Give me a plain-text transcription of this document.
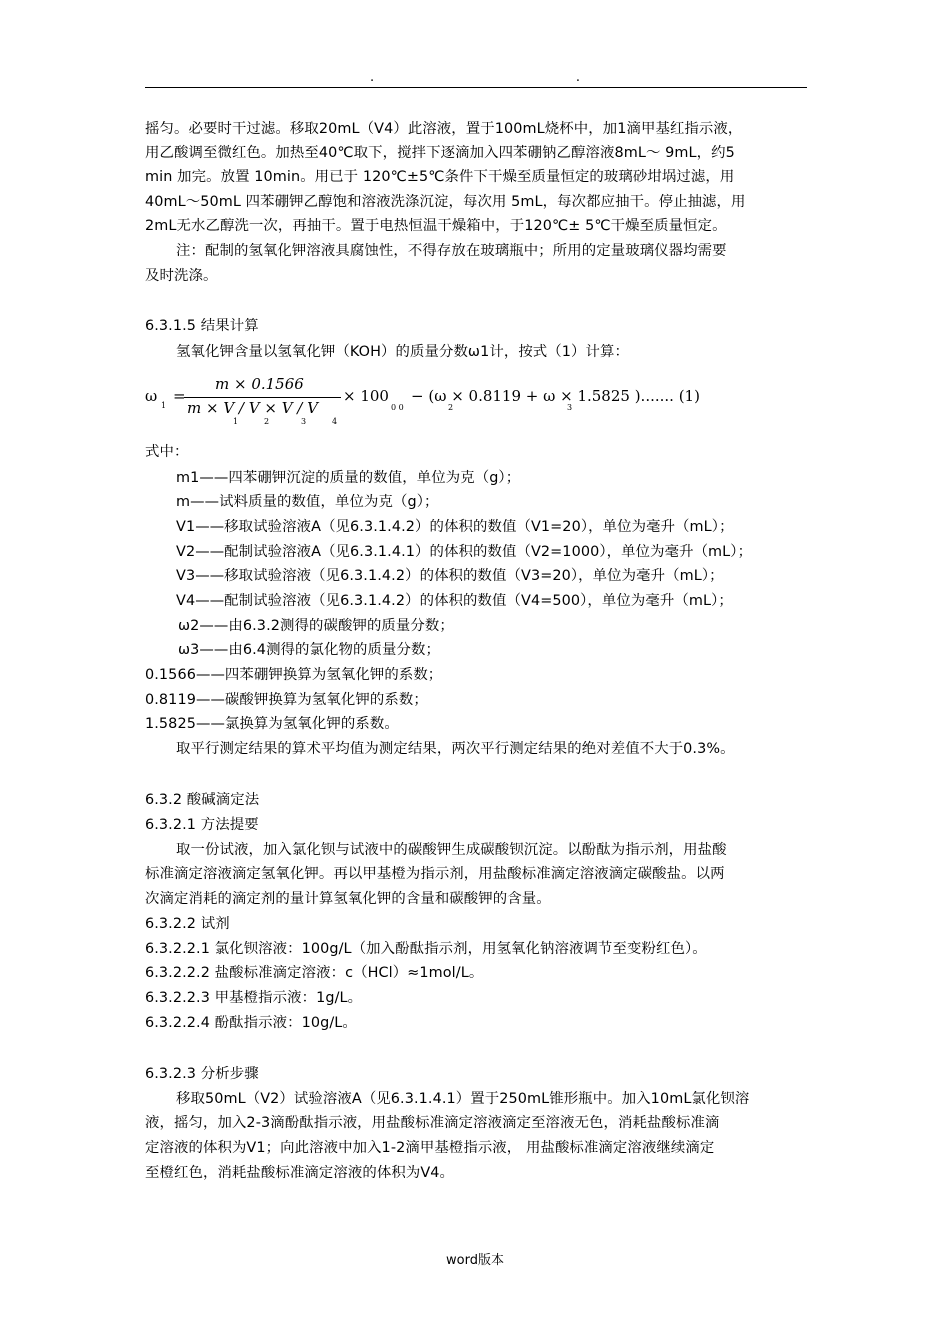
.	.
摇匀。必要时干过滤。移取20mL（V4）此溶液，置于100mL烧杯中，加1滴甲基红指示液，
用乙酸调至微红色。加热至40℃取下，搅拌下逐滴加入四苯硼钠乙醇溶液8mL～ 9mL，约5
min 加完。放置 10min。用已于 120℃±5℃条件下干燥至质量恒定的玻璃砂坩埚过滤，用
40mL～50mL 四苯硼钾乙醇饱和溶液洗涤沉淀，每次用 5mL，每次都应抽干。停止抽滤，用
2mL无水乙醇洗一次，再抽干。置于电热恒温干燥箱中，于120℃± 5℃干燥至质量恒定。
注：配制的氢氧化钾溶液具腐蚀性，不得存放在玻璃瓶中；所用的定量玻璃仪器均需要
及时洗涤。
6.3.1.5 结果计算
氢氧化钾含量以氢氧化钾（KOH）的质量分数ω1计，按式（1）计算：
ω
1
=
m × 0.1566
m × V / V × V / V
1	2	3	4
× 100
0 0
− (ω × 0.8119 + ω × 1.5825 )....... (1)
2	3
式中：
m1——四苯硼钾沉淀的质量的数值，单位为克（g）；
m——试料质量的数值，单位为克（g）；
V1——移取试验溶液A（见6.3.1.4.2）的体积的数值（V1=20），单位为毫升（mL）；
V2——配制试验溶液A（见6.3.1.4.1）的体积的数值（V2=1000），单位为毫升（mL）；
V3——移取试验溶液（见6.3.1.4.2）的体积的数值（V3=20），单位为毫升（mL）；
V4——配制试验溶液（见6.3.1.4.2）的体积的数值（V4=500），单位为毫升（mL）；
ω2——由6.3.2测得的碳酸钾的质量分数；
ω3——由6.4测得的氯化物的质量分数；
0.1566——四苯硼钾换算为氢氧化钾的系数；
0.8119——碳酸钾换算为氢氧化钾的系数；
1.5825——氯换算为氢氧化钾的系数。
取平行测定结果的算术平均值为测定结果，两次平行测定结果的绝对差值不大于0.3%。
6.3.2 酸碱滴定法
6.3.2.1 方法提要
取一份试液，加入氯化钡与试液中的碳酸钾生成碳酸钡沉淀。以酚酞为指示剂，用盐酸
标准滴定溶液滴定氢氧化钾。再以甲基橙为指示剂，用盐酸标准滴定溶液滴定碳酸盐。以两
次滴定消耗的滴定剂的量计算氢氧化钾的含量和碳酸钾的含量。
6.3.2.2 试剂
6.3.2.2.1 氯化钡溶液：100g/L（加入酚酞指示剂，用氢氧化钠溶液调节至变粉红色）。
6.3.2.2.2 盐酸标准滴定溶液：c（HCl）≈1mol/L。
6.3.2.2.3 甲基橙指示液：1g/L。
6.3.2.2.4 酚酞指示液：10g/L。
6.3.2.3 分析步骤
移取50mL（V2）试验溶液A（见6.3.1.4.1）置于250mL锥形瓶中。加入10mL氯化钡溶
液，摇匀，加入2-3滴酚酞指示液，用盐酸标准滴定溶液滴定至溶液无色，消耗盐酸标准滴
定溶液的体积为V1；向此溶液中加入1-2滴甲基橙指示液， 用盐酸标准滴定溶液继续滴定
至橙红色，消耗盐酸标准滴定溶液的体积为V4。
word版本
